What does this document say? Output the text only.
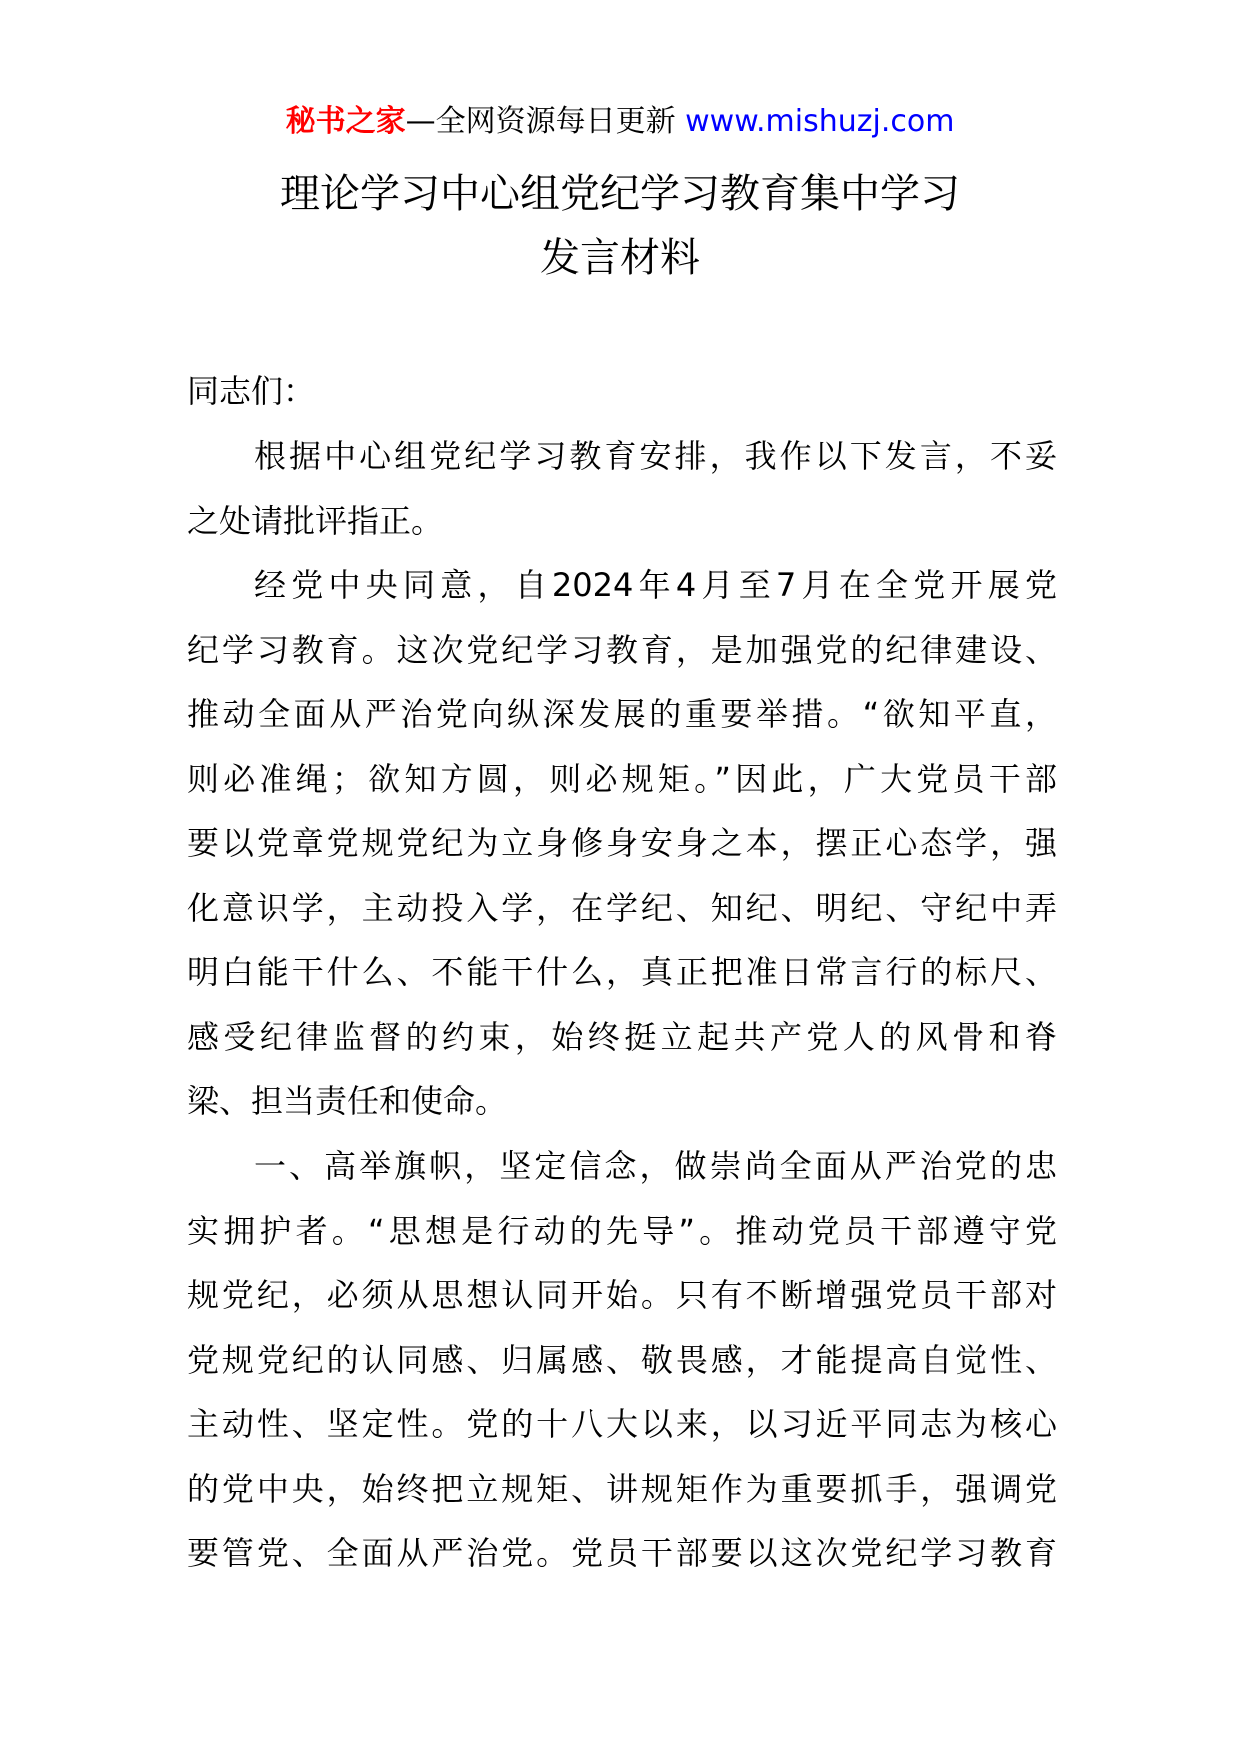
秘书之家—全网资源每日更新 www.mishuzj.com
理论学习中心组党纪学习教育集中学习
发言材料
同志们：
根据中心组党纪学习教育安排，我作以下发言，不妥
之处请批评指正。
经党中央同意，自2024年4月至7月在全党开展党
纪学习教育。这次党纪学习教育，是加强党的纪律建设、
推动全面从严治党向纵深发展的重要举措。“欲知平直，
则必准绳；欲知方圆，则必规矩。”因此，广大党员干部
要以党章党规党纪为立身修身安身之本，摆正心态学，强
化意识学，主动投入学，在学纪、知纪、明纪、守纪中弄
明白能干什么、不能干什么，真正把准日常言行的标尺、
感受纪律监督的约束，始终挺立起共产党人的风骨和脊
梁、担当责任和使命。
一、高举旗帜，坚定信念，做崇尚全面从严治党的忠
实拥护者。“思想是行动的先导”。推动党员干部遵守党
规党纪，必须从思想认同开始。只有不断增强党员干部对
党规党纪的认同感、归属感、敬畏感，才能提高自觉性、
主动性、坚定性。党的十八大以来，以习近平同志为核心
的党中央，始终把立规矩、讲规矩作为重要抓手，强调党
要管党、全面从严治党。党员干部要以这次党纪学习教育
